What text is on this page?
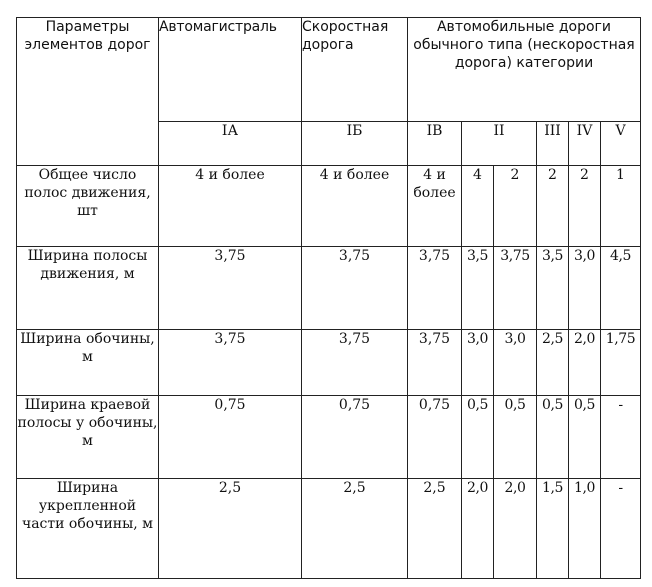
Параметры элементов дорог	Автомагистраль	Скоростная дорога	Автомобильные дороги обычного типа (нескоростная дорога) категории					
	IА	IБ	IВ	II		III	IV	V
Общее число полос движения, шт	4 и более	4 и более	4 и более	4	2	2	2	1
Ширина полосы движения, м	3,75	3,75	3,75	3,5	3,75	3,5	3,0	4,5
Ширина обочины, м	3,75	3,75	3,75	3,0	3,0	2,5	2,0	1,75
Ширина краевой полосы у обочины, м	0,75	0,75	0,75	0,5	0,5	0,5	0,5	-
Ширина укрепленной части обочины, м	2,5	2,5	2,5	2,0	2,0	1,5	1,0	-
